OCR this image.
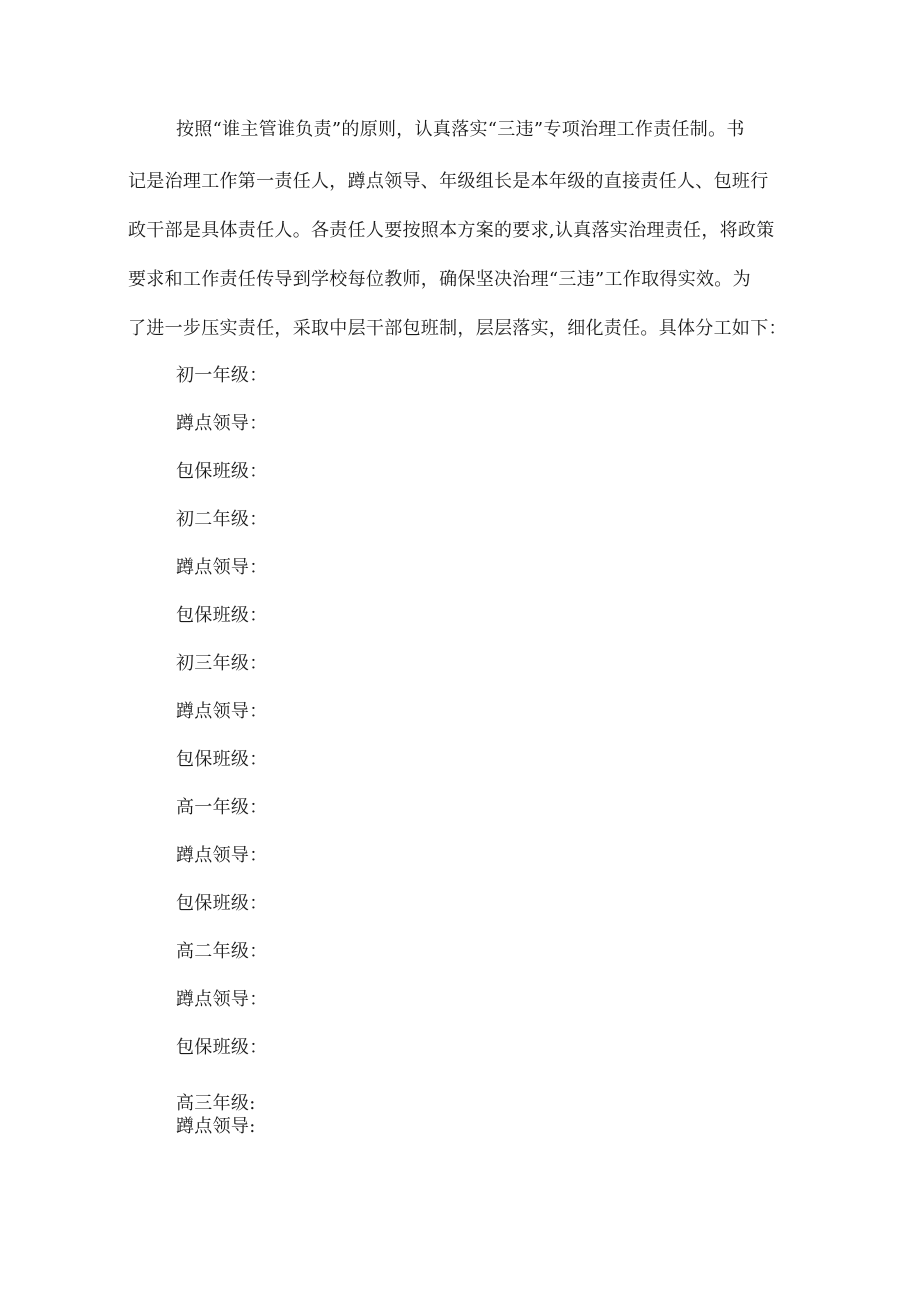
按照“谁主管谁负责”的原则，认真落实“三违”专项治理工作责任制。书
记是治理工作第一责任人，蹲点领导、年级组长是本年级的直接责任人、包班行
政干部是具体责任人。各责任人要按照本方案的要求,认真落实治理责任，将政策
要求和工作责任传导到学校每位教师，确保坚决治理“三违”工作取得实效。为
了进一步压实责任，采取中层干部包班制，层层落实，细化责任。具体分工如下：
初一年级：
蹲点领导：
包保班级：
初二年级：
蹲点领导：
包保班级：
初三年级：
蹲点领导：
包保班级：
高一年级：
蹲点领导：
包保班级：
高二年级：
蹲点领导：
包保班级：
高三年级:
蹲点领导:
